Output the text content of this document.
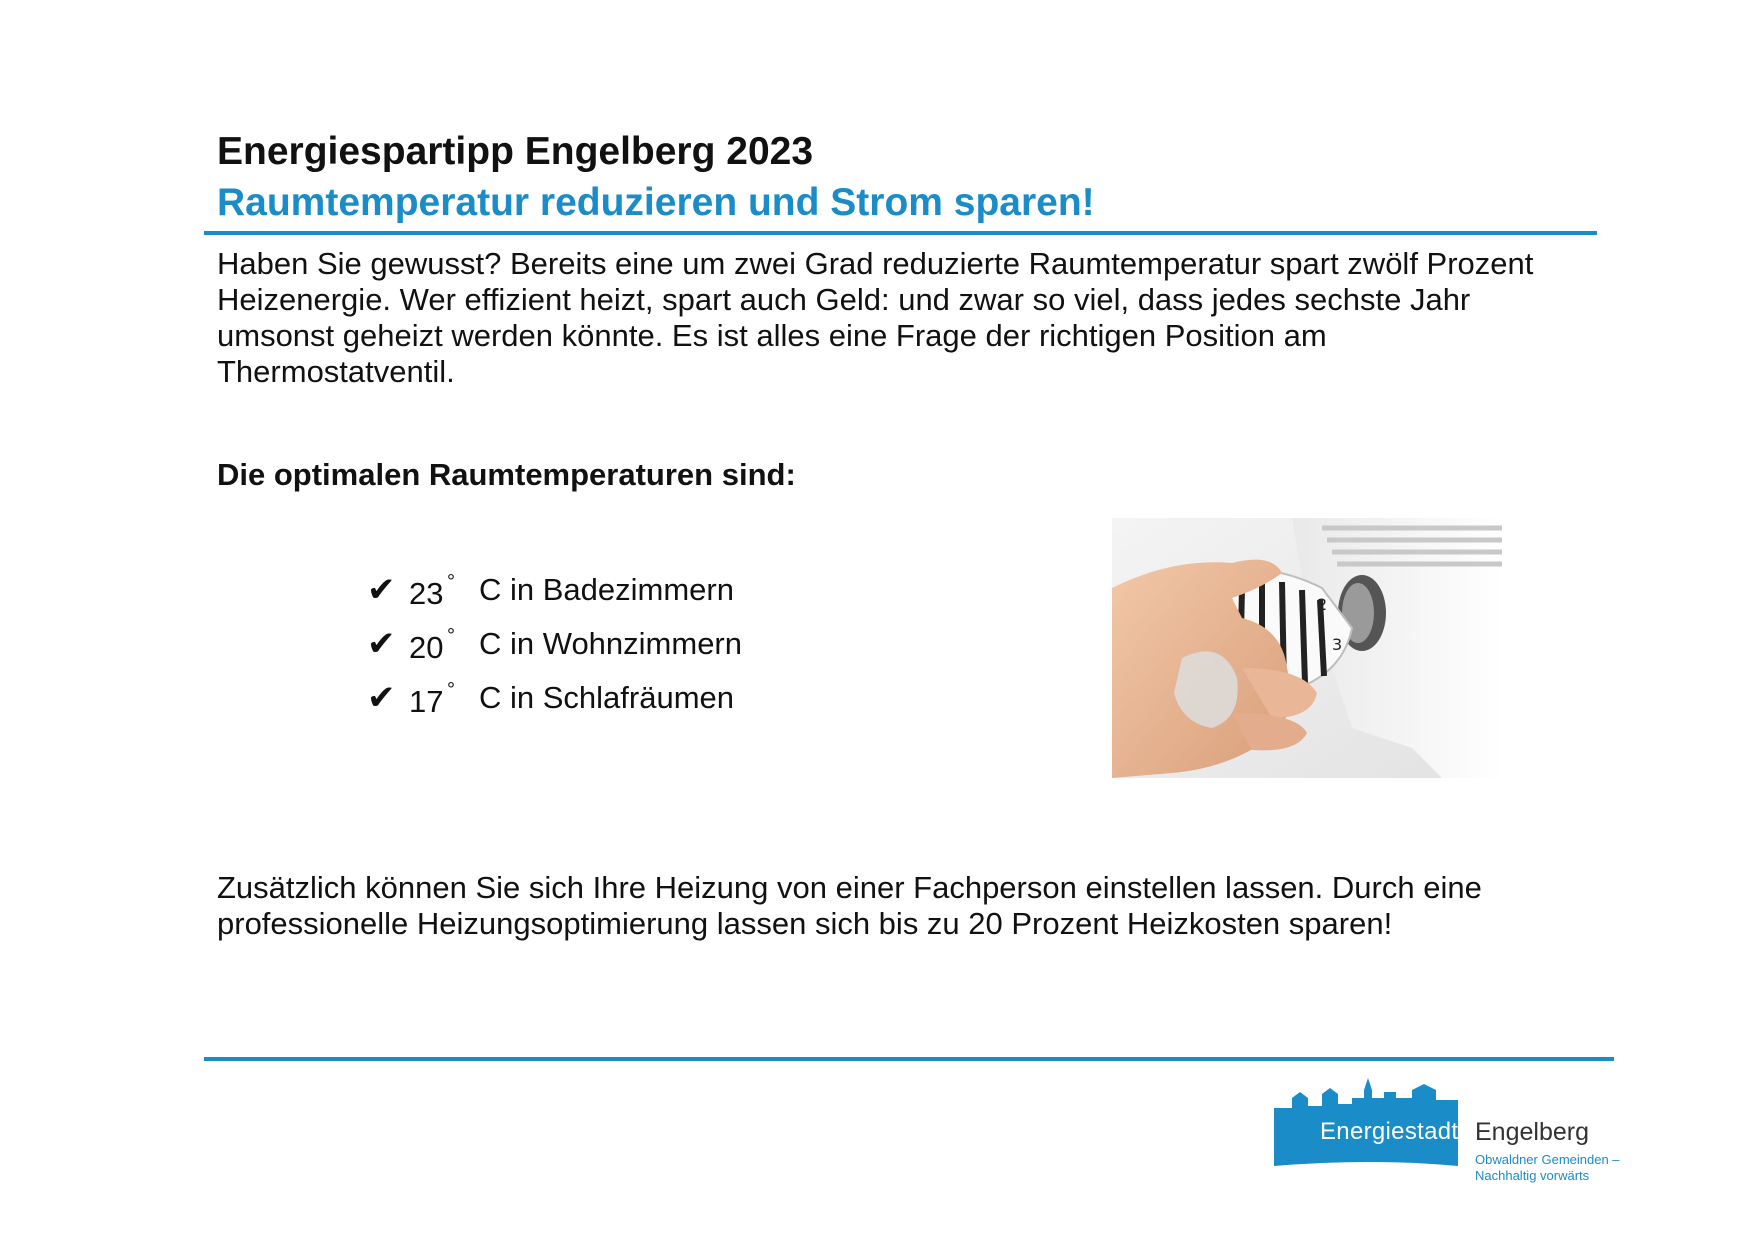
Energiespartipp Engelberg 2023
Raumtemperatur reduzieren und Strom sparen!

Haben Sie gewusst? Bereits eine um zwei Grad reduzierte Raumtemperatur spart zwölf Prozent Heizenergie. Wer effizient heizt, spart auch Geld: und zwar so viel, dass jedes sechste Jahr umsonst geheizt werden könnte. Es ist alles eine Frage der richtigen Position am Thermostatventil.

Die optimalen Raumtemperaturen sind:
✔ 23 ° C in Badezimmern
✔ 20 ° C in Wohnzimmern
✔ 17 ° C in Schlafräumen
2
3

Zusätzlich können Sie sich Ihre Heizung von einer Fachperson einstellen lassen. Durch eine professionelle Heizungsoptimierung lassen sich bis zu 20 Prozent Heizkosten sparen!

Energiestadt Engelberg
Obwaldner Gemeinden –
Nachhaltig vorwärts
